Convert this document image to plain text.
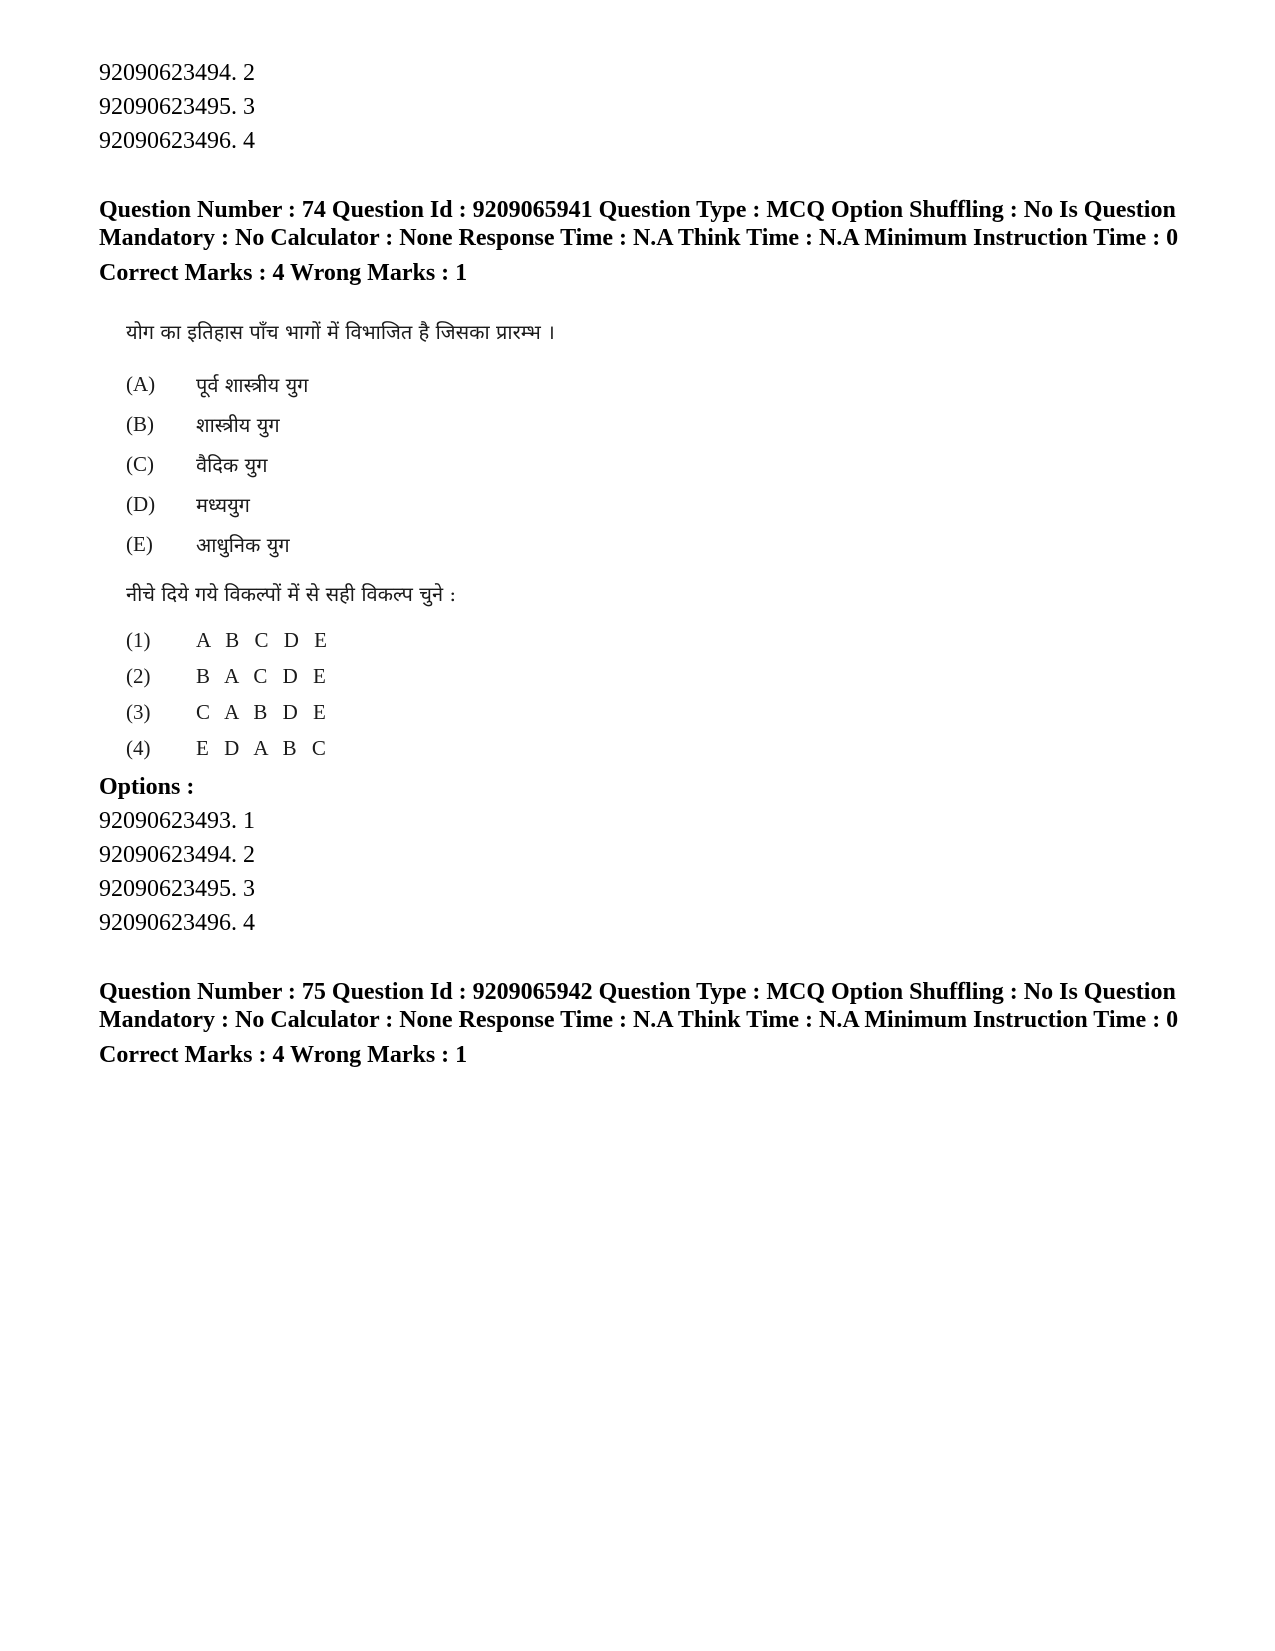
92090623494. 2
92090623495. 3
92090623496. 4
Question Number : 74 Question Id : 9209065941 Question Type : MCQ Option Shuffling : No Is Question Mandatory : No Calculator : None Response Time : N.A Think Time : N.A Minimum Instruction Time : 0
Correct Marks : 4 Wrong Marks : 1
योग का इतिहास पाँच भागों में विभाजित है जिसका प्रारम्भ ।
(A)	पूर्व शास्त्रीय युग
(B)	शास्त्रीय युग
(C)	वैदिक युग
(D)	मध्ययुग
(E)	आधुनिक युग
नीचे दिये गये विकल्पों में से सही विकल्प चुने :
(1)	A B C D E
(2)	B A C D E
(3)	C A B D E
(4)	E D A B C
Options :
92090623493. 1
92090623494. 2
92090623495. 3
92090623496. 4
Question Number : 75 Question Id : 9209065942 Question Type : MCQ Option Shuffling : No Is Question Mandatory : No Calculator : None Response Time : N.A Think Time : N.A Minimum Instruction Time : 0
Correct Marks : 4 Wrong Marks : 1
